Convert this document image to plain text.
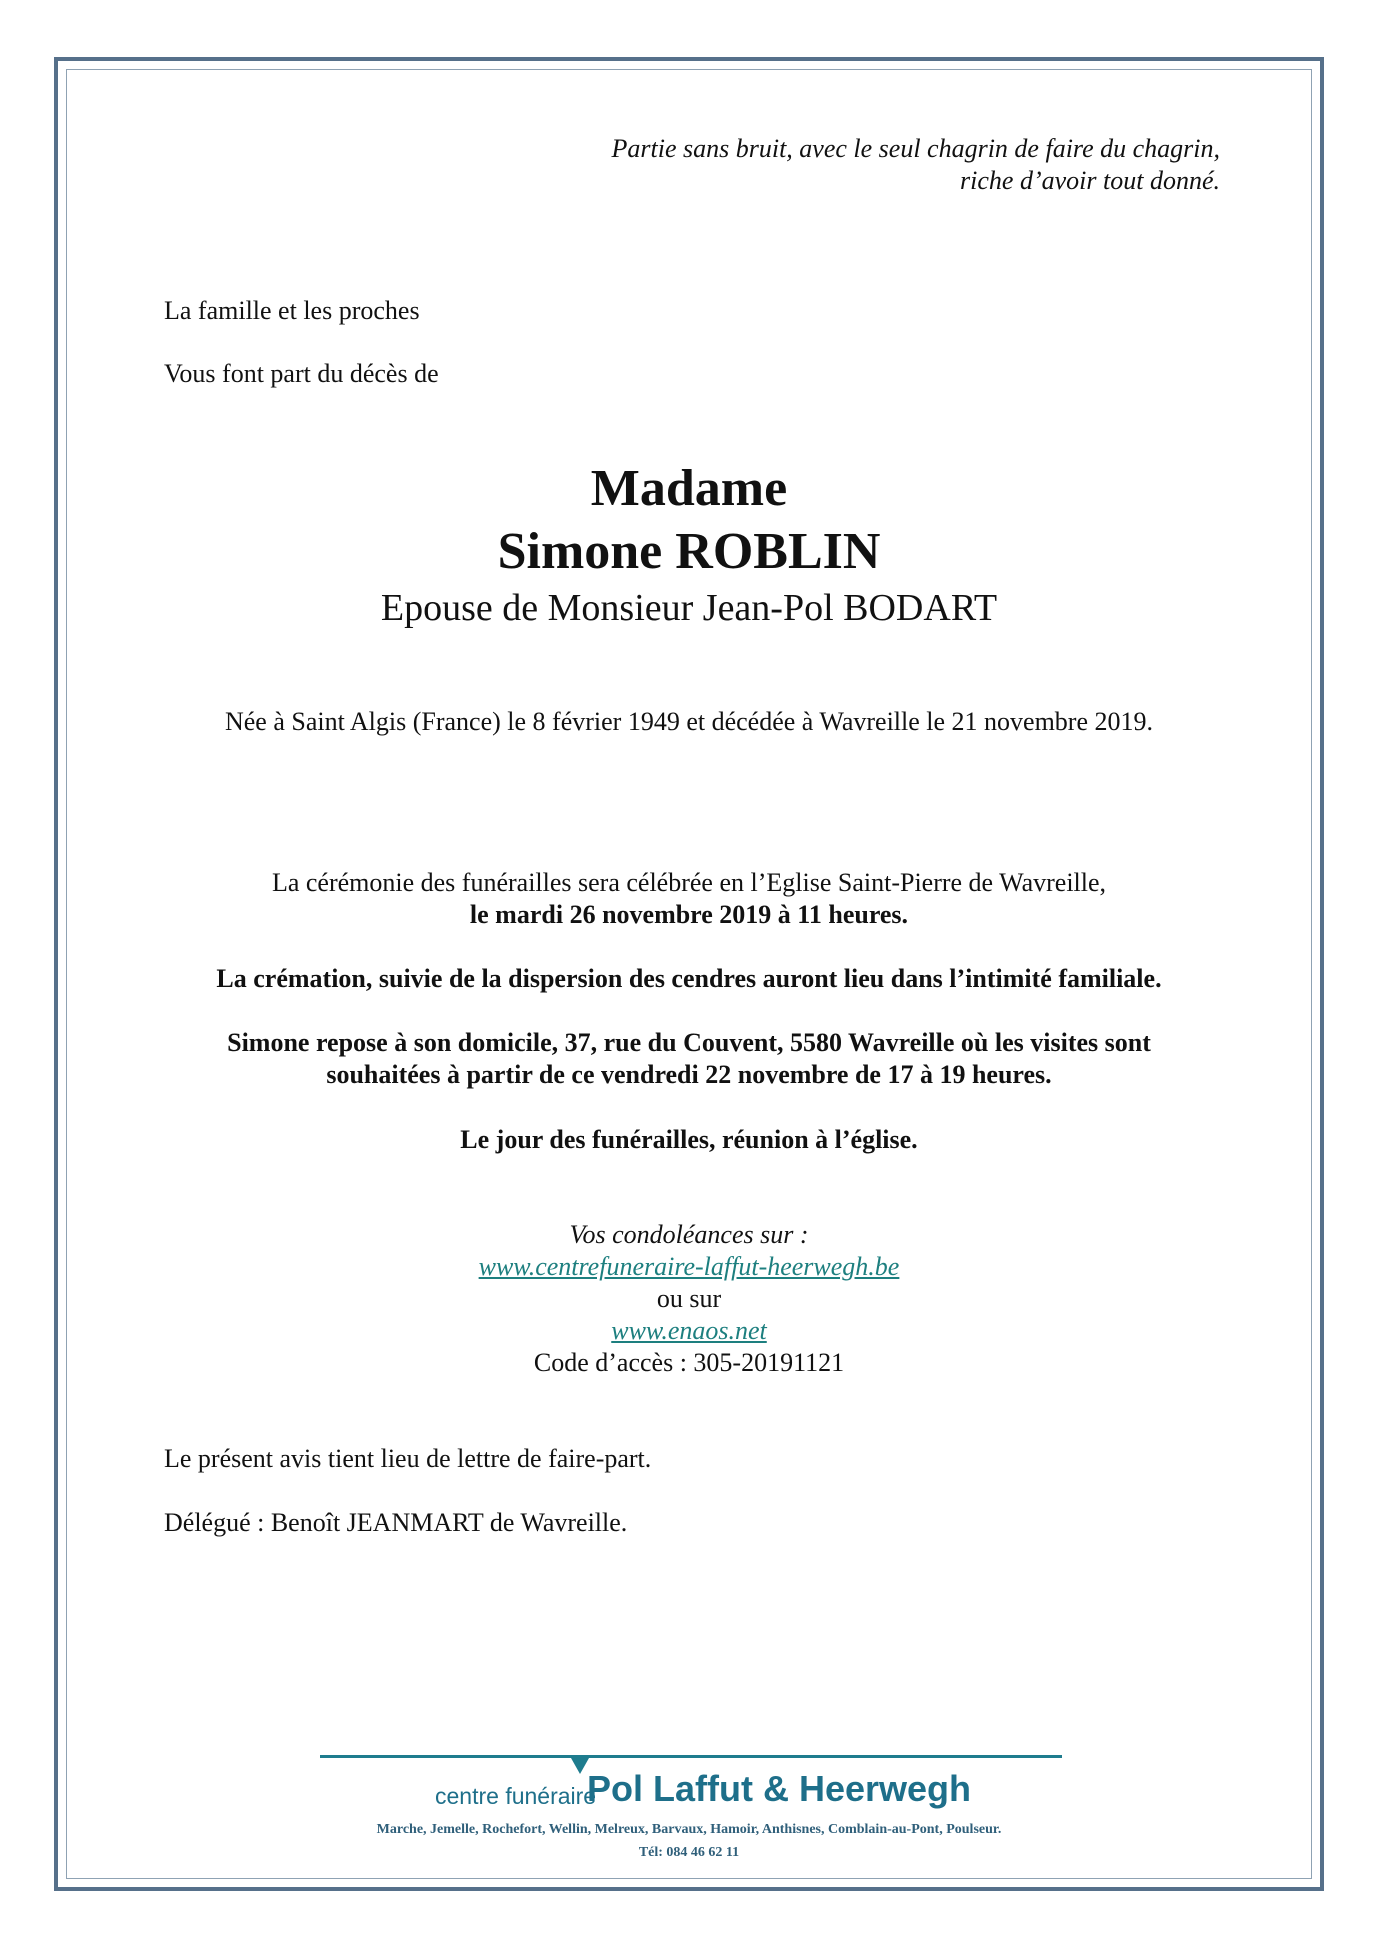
Partie sans bruit, avec le seul chagrin de faire du chagrin,

riche d’avoir tout donné.

La famille et les proches

Vous font part du décès de

Madame

Simone ROBLIN

Epouse de Monsieur Jean-Pol BODART

Née à Saint Algis (France) le 8 février 1949 et décédée à Wavreille le 21 novembre 2019.

La cérémonie des funérailles sera célébrée en l’Eglise Saint-Pierre de Wavreille,

le mardi 26 novembre 2019 à 11 heures.

La crémation, suivie de la dispersion des cendres auront lieu dans l’intimité familiale.

Simone repose à son domicile, 37, rue du Couvent, 5580 Wavreille où les visites sont

souhaitées à partir de ce vendredi 22 novembre de 17 à 19 heures.

Le jour des funérailles, réunion à l’église.

Vos condoléances sur :

www.centrefuneraire-laffut-heerwegh.be

ou sur

www.enaos.net

Code d’accès : 305-20191121

Le présent avis tient lieu de lettre de faire-part.

Délégué : Benoît JEANMART de Wavreille.

centre funéraire
Pol Laffut & Heerwegh
Marche, Jemelle, Rochefort, Wellin, Melreux, Barvaux, Hamoir, Anthisnes, Comblain-au-Pont, Poulseur.
Tél: 084 46 62 11
